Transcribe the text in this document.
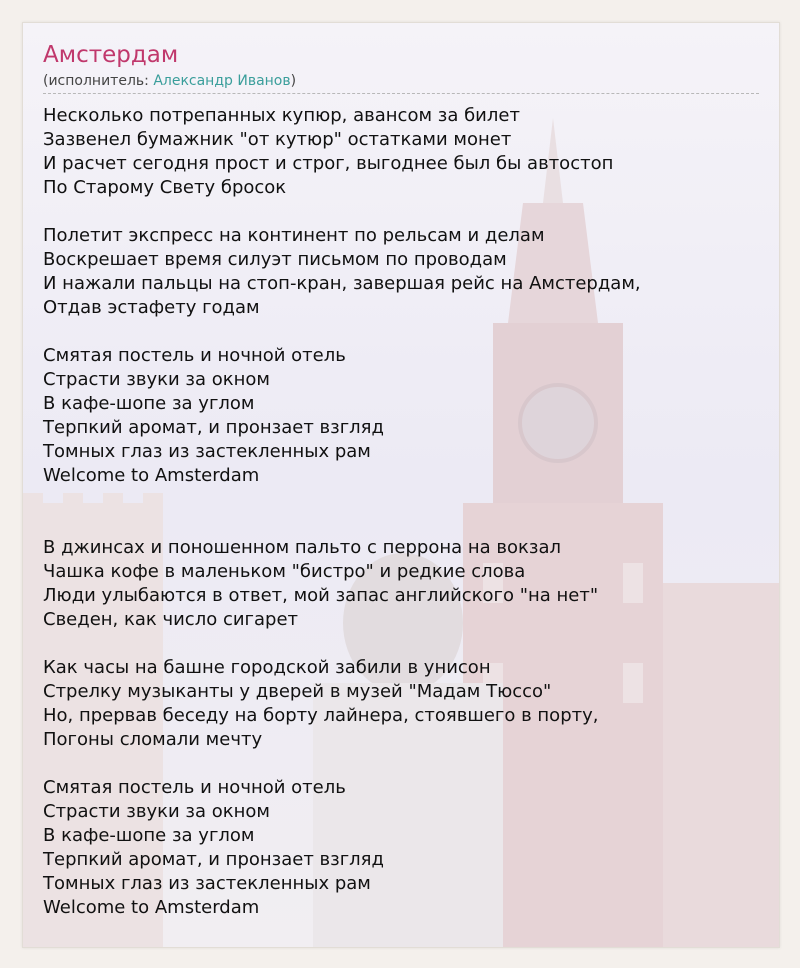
Амстердам
(исполнитель: Александр Иванов)
Несколько потрепанных купюр, авансом за билет
Зазвенел бумажник "от кутюр" остатками монет
И расчет сегодня прост и строг, выгоднее был бы автостоп
По Старому Свету бросок
Полетит экспресс на континент по рельсам и делам
Воскрешает время силуэт письмом по проводам
И нажали пальцы на стоп-кран, завершая рейс на Амстердам,
Отдав эстафету годам
Смятая постель и ночной отель
Страсти звуки за окном
В кафе-шопе за углом
Терпкий аромат, и пронзает взгляд
Томных глаз из застекленных рам
Welcome to Amsterdam
В джинсах и поношенном пальто с перрона на вокзал
Чашка кофе в маленьком "бистро" и редкие слова
Люди улыбаются в ответ, мой запас английского "на нет"
Сведен, как число сигарет
Как часы на башне городской забили в унисон
Стрелку музыканты у дверей в музей "Мадам Тюссо"
Но, прервав беседу на борту лайнера, стоявшего в порту,
Погоны сломали мечту
Смятая постель и ночной отель
Страсти звуки за окном
В кафе-шопе за углом
Терпкий аромат, и пронзает взгляд
Томных глаз из застекленных рам
Welcome to Amsterdam
